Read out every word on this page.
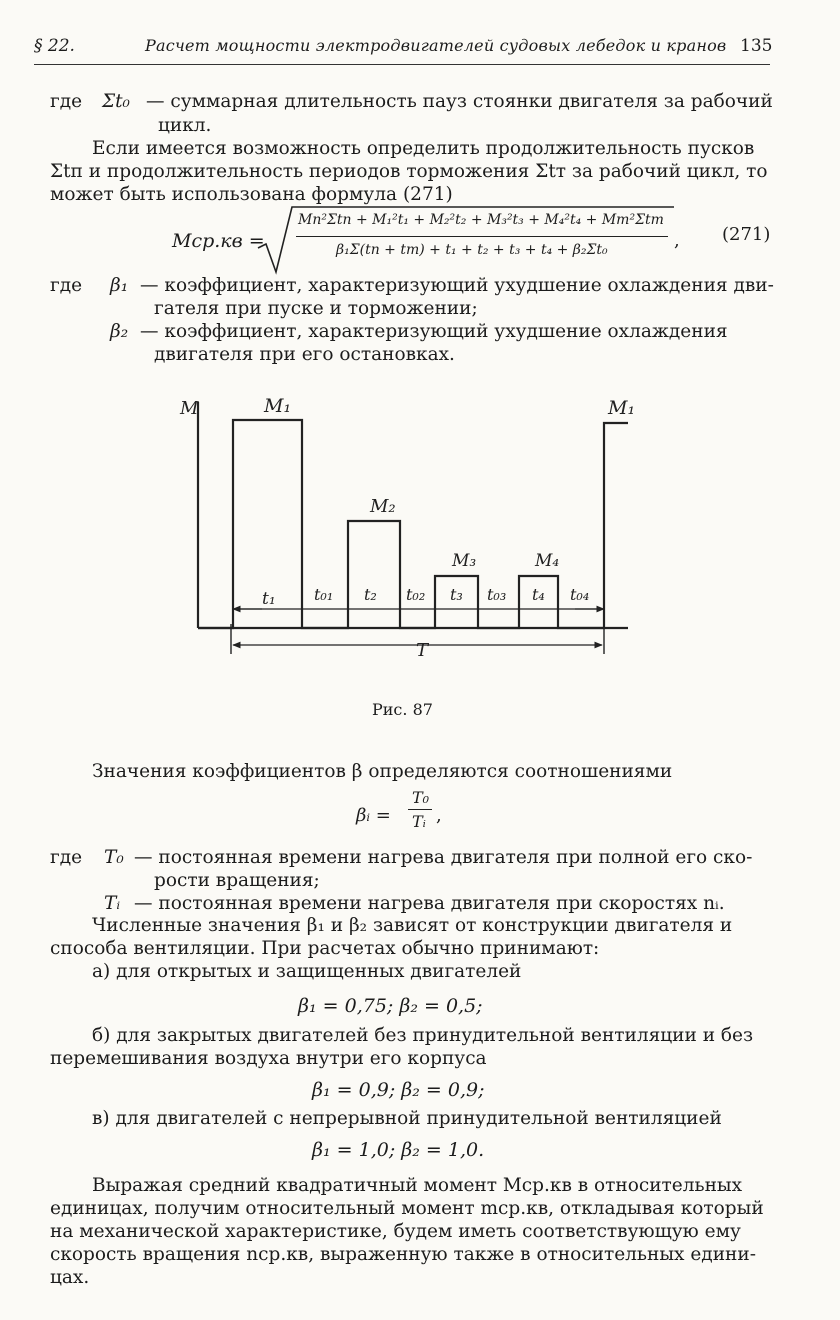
§ 22.	Расчет мощности электродвигателей судовых лебедок и кранов 135
где Σt₀ — суммарная длительность пауз стоянки двигателя за рабочий
цикл.
Если имеется возможность определить продолжительность пусков
Σtп и продолжительность периодов торможения Σtт за рабочий цикл, то
может быть использована формула (271)
Mср.кв =
Mп²Σtп + M₁²t₁ + M₂²t₂ + M₃²t₃ + M₄²t₄ + Mт²Σtт
β₁Σ(tп + tт) + t₁ + t₂ + t₃ + t₄ + β₂Σt₀	, (271)
где β₁ — коэффициент, характеризующий ухудшение охлаждения дви-
гателя при пуске и торможении;
β₂ — коэффициент, характеризующий ухудшение охлаждения
двигателя при его остановках.
M	M₁
M₂
M₃	M₄
M₁
t₁ t₀₁ t₂ t₀₂ t₃ t₀₃ t₄ t₀₄
T
Рис. 87
Значения коэффициентов β определяются соотношениями
βᵢ =
T₀
Tᵢ ,
где T₀ — постоянная времени нагрева двигателя при полной его ско-
рости вращения;
Tᵢ — постоянная времени нагрева двигателя при скоростях nᵢ.
Численные значения β₁ и β₂ зависят от конструкции двигателя и
способа вентиляции. При расчетах обычно принимают:
а) для открытых и защищенных двигателей
β₁ = 0,75; β₂ = 0,5;
б) для закрытых двигателей без принудительной вентиляции и без
перемешивания воздуха внутри его корпуса
β₁ = 0,9; β₂ = 0,9;
в) для двигателей с непрерывной принудительной вентиляцией
β₁ = 1,0; β₂ = 1,0.
Выражая средний квадратичный момент Mср.кв в относительных
единицах, получим относительный момент mср.кв, откладывая который
на механической характеристике, будем иметь соответствующую ему
скорость вращения nср.кв, выраженную также в относительных едини-
цах.
